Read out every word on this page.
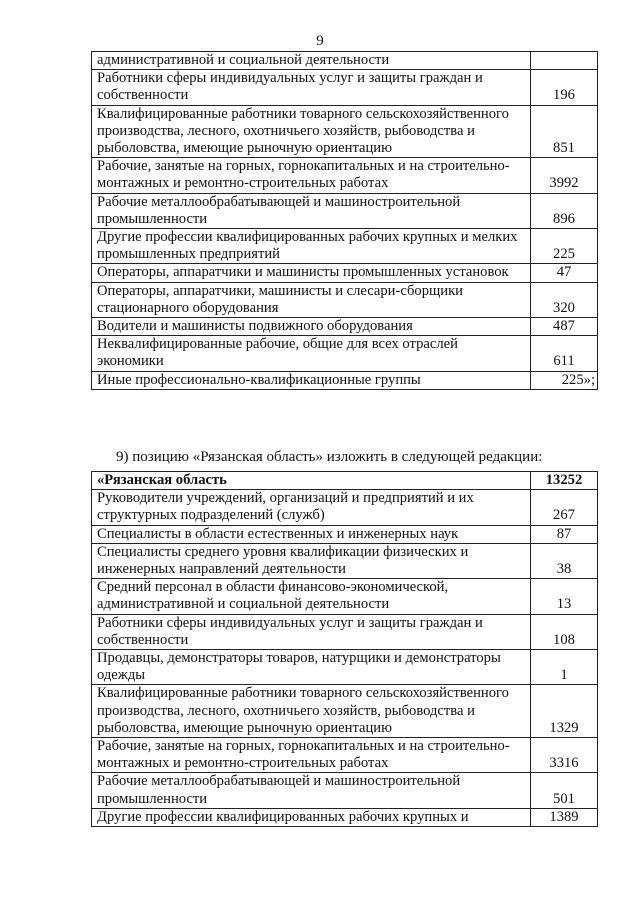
9
административной и социальной деятельности	
Работники сферы индивидуальных услуг и защиты граждан и собственности	196
Квалифицированные работники товарного сельскохозяйственного производства, лесного, охотничьего хозяйств, рыбоводства и рыболовства, имеющие рыночную ориентацию	851
Рабочие, занятые на горных, горнокапитальных и на строительно-монтажных и ремонтно-строительных работах	3992
Рабочие металлообрабатывающей и машиностроительной промышленности	896
Другие профессии квалифицированных рабочих крупных и мелких промышленных предприятий	225
Операторы, аппаратчики и машинисты промышленных установок	47
Операторы, аппаратчики, машинисты и слесари-сборщики стационарного оборудования	320
Водители и машинисты подвижного оборудования	487
Неквалифицированные рабочие, общие для всех отраслей экономики	611
Иные профессионально-квалификационные группы	225»;
9) позицию «Рязанская область» изложить в следующей редакции:
«Рязанская область	13252
Руководители учреждений, организаций и предприятий и их структурных подразделений (служб)	267
Специалисты в области естественных и инженерных наук	87
Специалисты среднего уровня квалификации физических и инженерных направлений деятельности	38
Средний персонал в области финансово-экономической, административной и социальной деятельности	13
Работники сферы индивидуальных услуг и защиты граждан и собственности	108
Продавцы, демонстраторы товаров, натурщики и демонстраторы одежды	1
Квалифицированные работники товарного сельскохозяйственного производства, лесного, охотничьего хозяйств, рыбоводства и рыболовства, имеющие рыночную ориентацию	1329
Рабочие, занятые на горных, горнокапитальных и на строительно-монтажных и ремонтно-строительных работах	3316
Рабочие металлообрабатывающей и машиностроительной промышленности	501
Другие профессии квалифицированных рабочих крупных и	1389
